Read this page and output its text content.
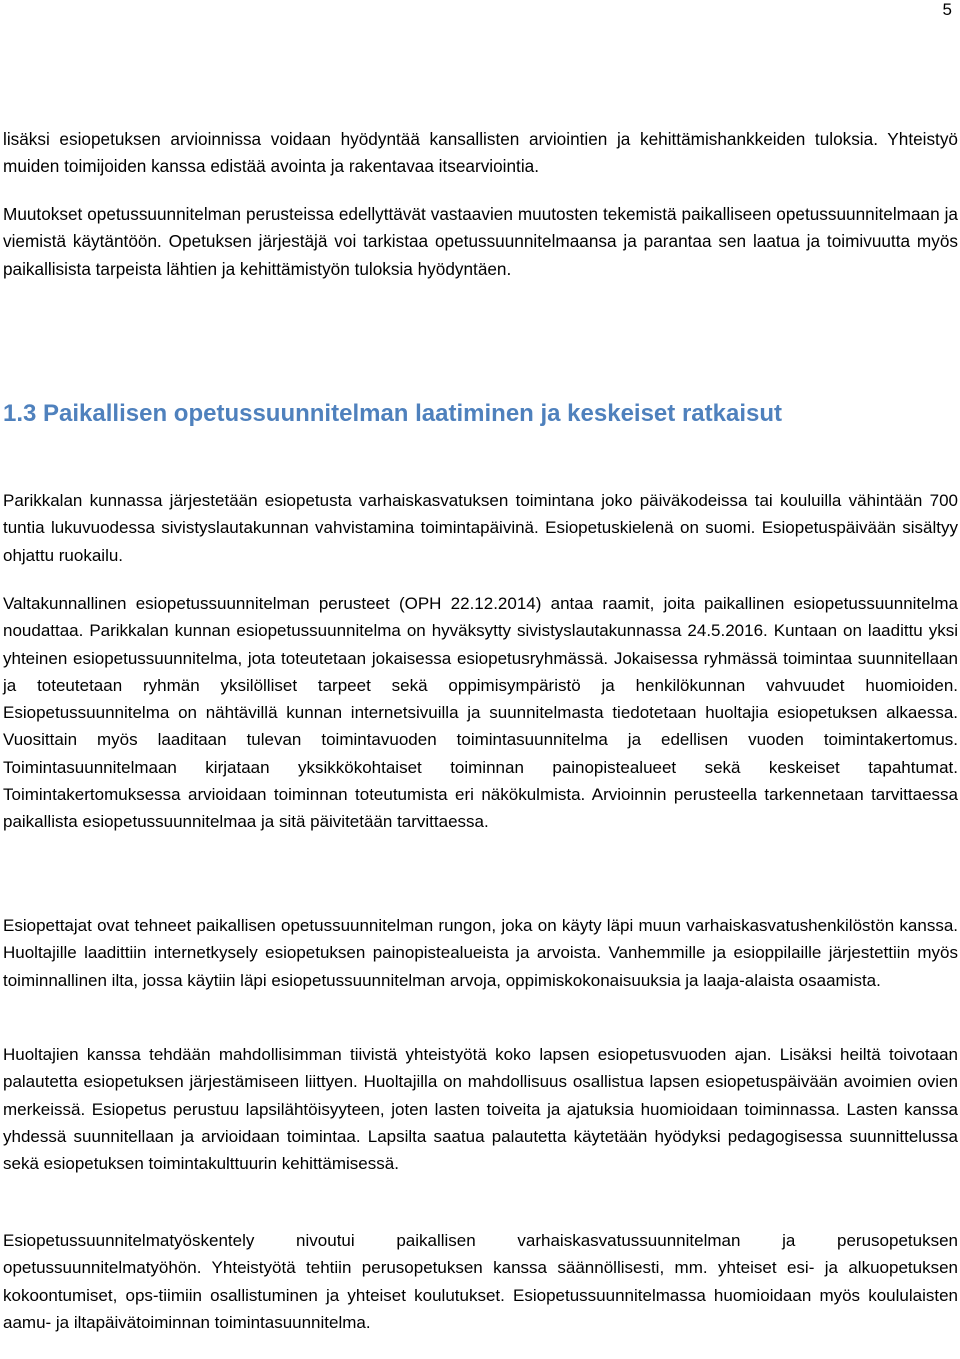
5

lisäksi esiopetuksen arvioinnissa voidaan hyödyntää kansallisten arviointien ja kehittämishankkeiden tuloksia. Yhteistyö muiden toimijoiden kanssa edistää avointa ja rakentavaa itsearviointia.

Muutokset opetussuunnitelman perusteissa edellyttävät vastaavien muutosten tekemistä paikalliseen opetussuunnitelmaan ja viemistä käytäntöön. Opetuksen järjestäjä voi tarkistaa opetussuunnitelmaansa ja parantaa sen laatua ja toimivuutta myös paikallisista tarpeista lähtien ja kehittämistyön tuloksia hyödyntäen.

1.3 Paikallisen opetussuunnitelman laatiminen ja keskeiset ratkaisut

Parikkalan kunnassa järjestetään esiopetusta varhaiskasvatuksen toimintana joko päiväkodeissa tai kouluilla vähintään 700 tuntia lukuvuodessa sivistyslautakunnan vahvistamina toimintapäivinä. Esiopetuskielenä on suomi. Esiopetuspäivään sisältyy ohjattu ruokailu.

Valtakunnallinen esiopetussuunnitelman perusteet (OPH 22.12.2014) antaa raamit, joita paikallinen esiopetussuunnitelma noudattaa. Parikkalan kunnan esiopetussuunnitelma on hyväksytty sivistyslautakunnassa 24.5.2016. Kuntaan on laadittu yksi yhteinen esiopetussuunnitelma, jota toteutetaan jokaisessa esiopetusryhmässä. Jokaisessa ryhmässä toimintaa suunnitellaan ja toteutetaan ryhmän yksilölliset tarpeet sekä oppimisympäristö ja henkilökunnan vahvuudet huomioiden. Esiopetussuunnitelma on nähtävillä kunnan internetsivuilla ja suunnitelmasta tiedotetaan huoltajia esiopetuksen alkaessa. Vuosittain myös laaditaan tulevan toimintavuoden toimintasuunnitelma ja edellisen vuoden toimintakertomus. Toimintasuunnitelmaan kirjataan yksikkökohtaiset toiminnan painopistealueet sekä keskeiset tapahtumat. Toimintakertomuksessa arvioidaan toiminnan toteutumista eri näkökulmista. Arvioinnin perusteella tarkennetaan tarvittaessa paikallista esiopetussuunnitelmaa ja sitä päivitetään tarvittaessa.

Esiopettajat ovat tehneet paikallisen opetussuunnitelman rungon, joka on käyty läpi muun varhaiskasvatushenkilöstön kanssa. Huoltajille laadittiin internetkysely esiopetuksen painopistealueista ja arvoista. Vanhemmille ja esioppilaille järjestettiin myös toiminnallinen ilta, jossa käytiin läpi esiopetussuunnitelman arvoja, oppimiskokonaisuuksia ja laaja-alaista osaamista.

Huoltajien kanssa tehdään mahdollisimman tiivistä yhteistyötä koko lapsen esiopetusvuoden ajan. Lisäksi heiltä toivotaan palautetta esiopetuksen järjestämiseen liittyen. Huoltajilla on mahdollisuus osallistua lapsen esiopetuspäivään avoimien ovien merkeissä. Esiopetus perustuu lapsilähtöisyyteen, joten lasten toiveita ja ajatuksia huomioidaan toiminnassa. Lasten kanssa yhdessä suunnitellaan ja arvioidaan toimintaa. Lapsilta saatua palautetta käytetään hyödyksi pedagogisessa suunnittelussa sekä esiopetuksen toimintakulttuurin kehittämisessä.

Esiopetussuunnitelmatyöskentely nivoutui paikallisen varhaiskasvatussuunnitelman ja perusopetuksen opetussuunnitelmatyöhön. Yhteistyötä tehtiin perusopetuksen kanssa säännöllisesti, mm. yhteiset esi- ja alkuopetuksen kokoontumiset, ops-tiimiin osallistuminen ja yhteiset koulutukset. Esiopetussuunnitelmassa huomioidaan myös koululaisten aamu- ja iltapäivätoiminnan toimintasuunnitelma.
